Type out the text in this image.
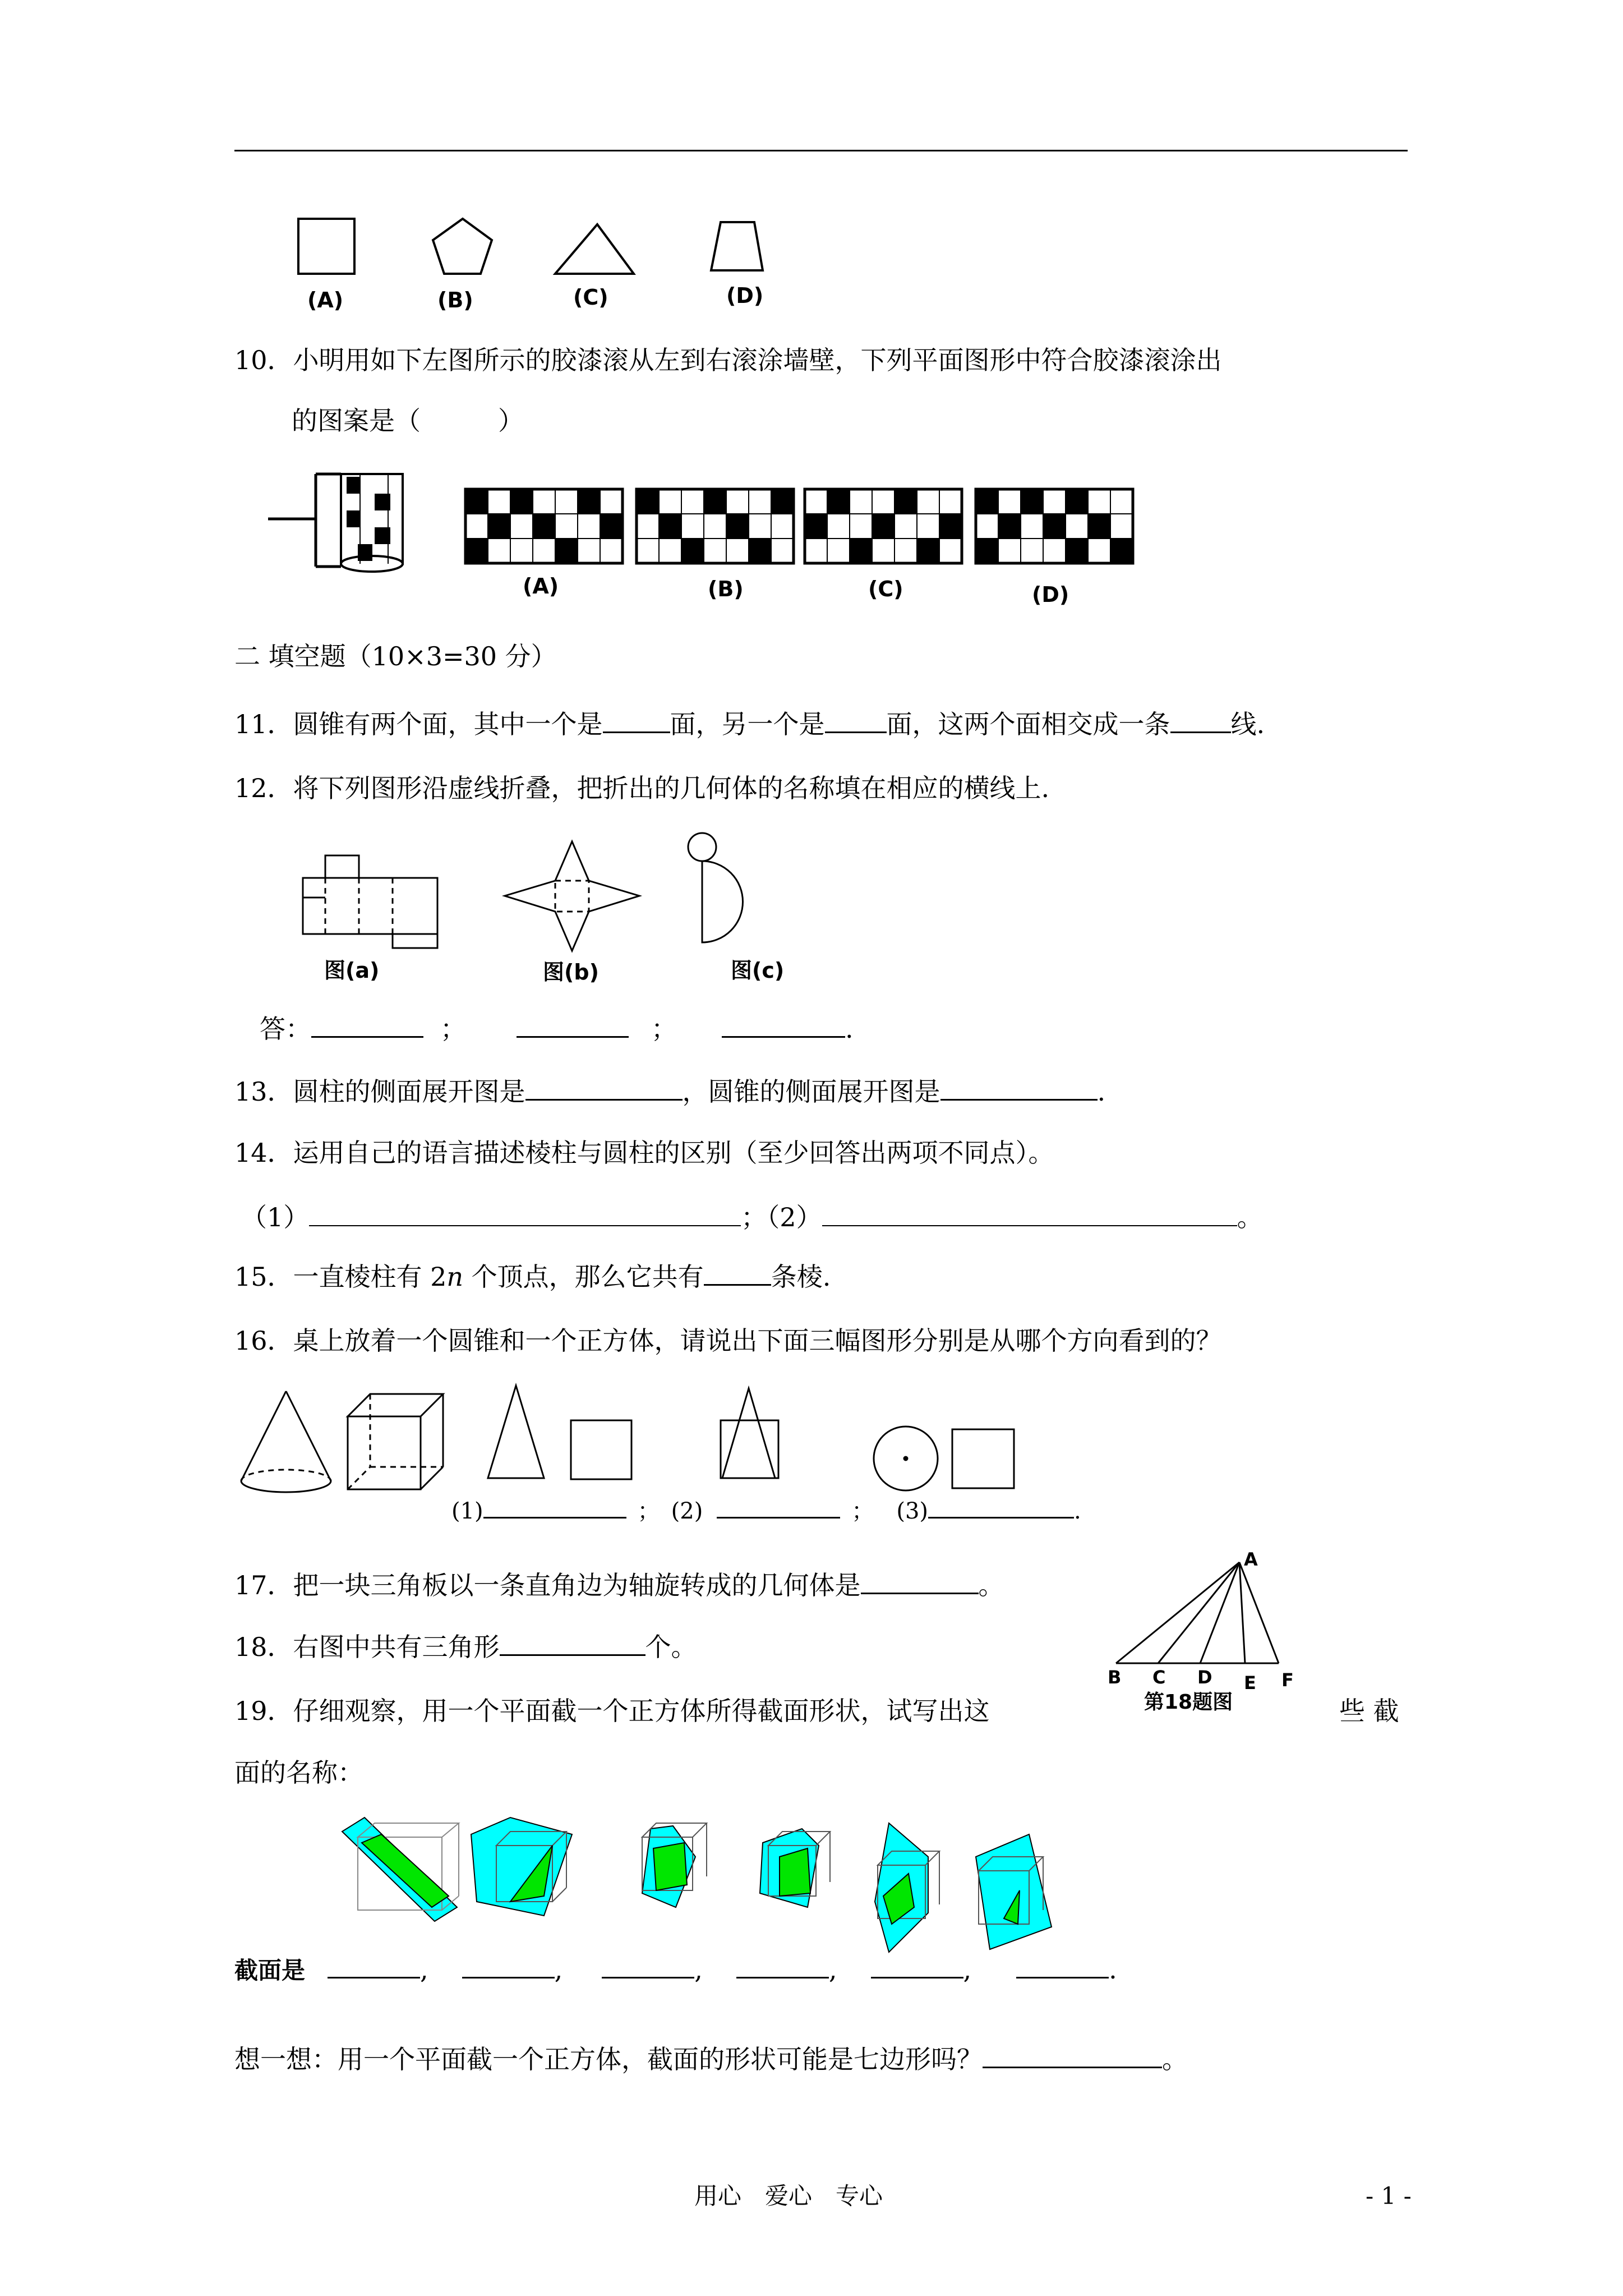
(A)	(B)	(C)	(D)
10．小明用如下左图所示的胶漆滚从左到右滚涂墙壁，下列平面图形中符合胶漆滚涂出
的图案是（　　　）
(A)	(B)	(C)	(D)
二 填空题（10×3=30 分）
11．圆锥有两个面，其中一个是	面，另一个是 面，这两个面相交成一条 线.
12．将下列图形沿虚线折叠，把折出的几何体的名称填在相应的横线上.
图(a)	图(b)	图(c)
答：	；	；	.
13．圆柱的侧面展开图是	，圆锥的侧面展开图是	.
14．运用自己的语言描述棱柱与圆柱的区别（至少回答出两项不同点）。
（1）	；（2）	。
15．一直棱柱有 2n 个顶点，那么它共有	条棱.
16．桌上放着一个圆锥和一个正方体，请说出下面三幅图形分别是从哪个方向看到的？
(1)	； (2)	； (3)	.
17．把一块三角板以一条直角边为轴旋转成的几何体是	。
18．右图中共有三角形	个。
A
B C D E F
第18题图
19．仔细观察，用一个平面截一个正方体所得截面形状，试写出这	些 截
面的名称：
截面是	,	,	,	,	,	.
想一想：用一个平面截一个正方体，截面的形状可能是七边形吗？	。
用心　爱心　专心	- 1 -
